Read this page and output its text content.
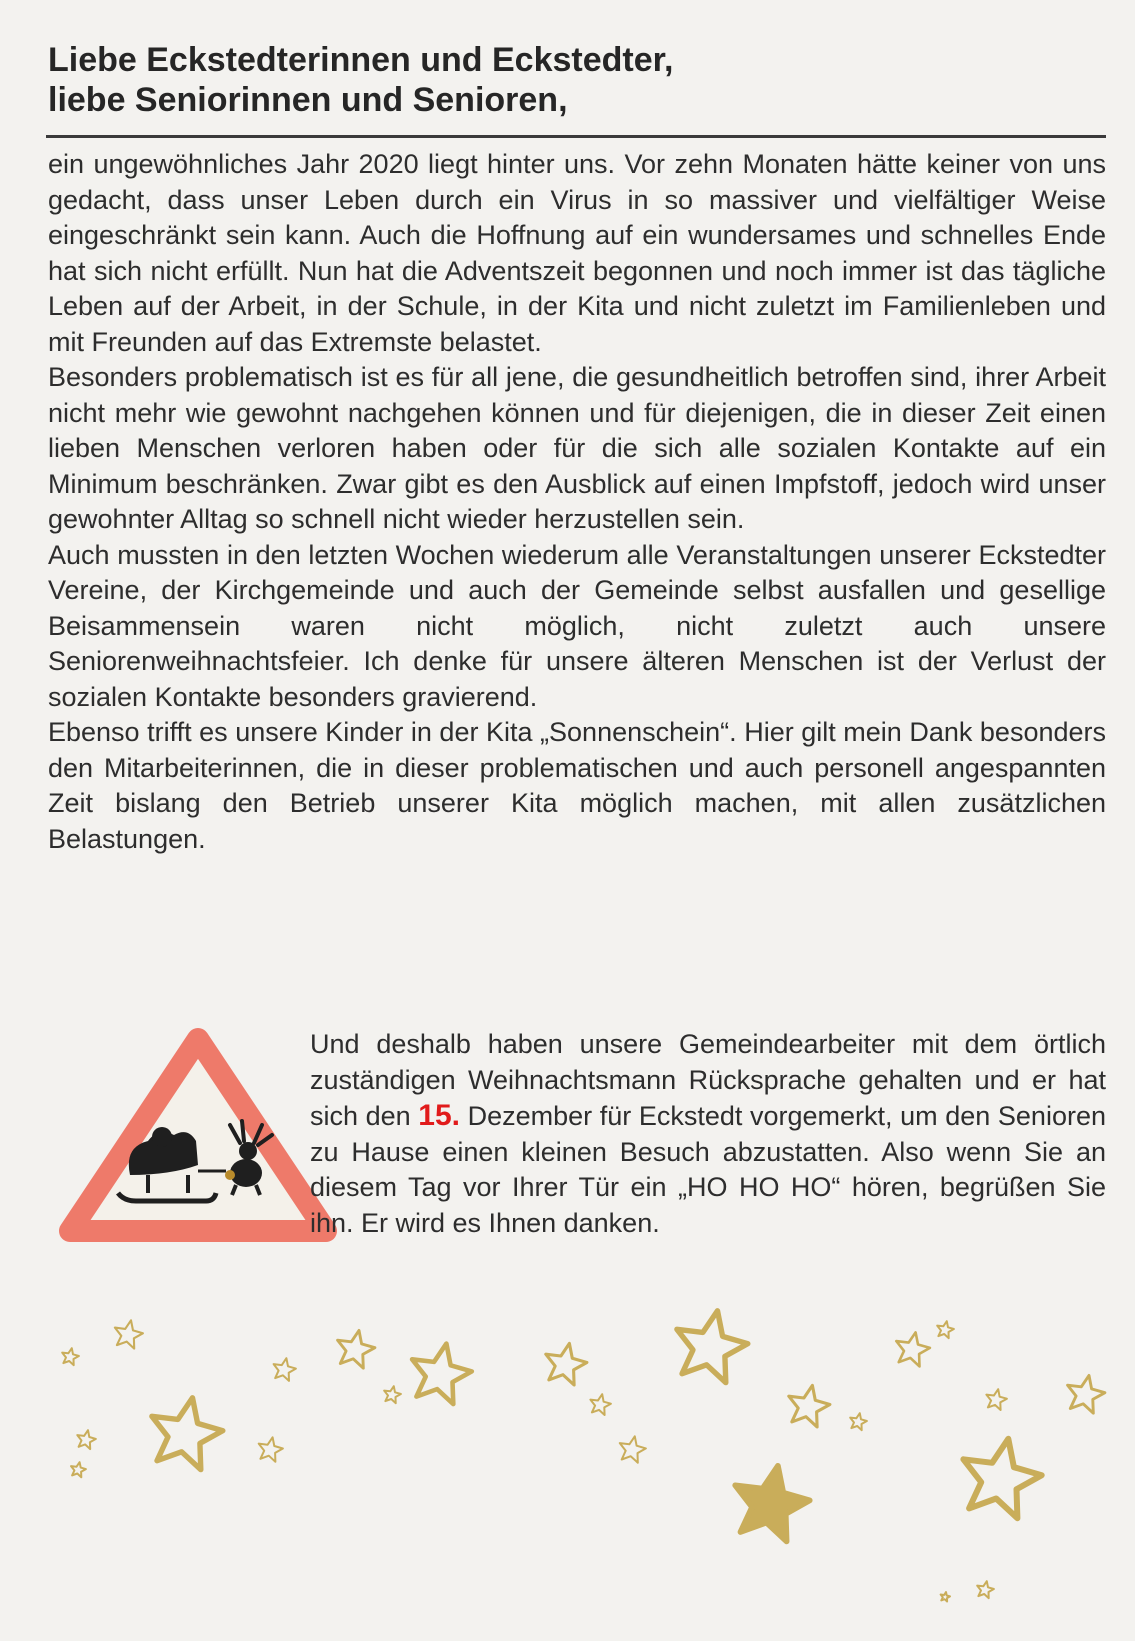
Liebe Eckstedterinnen und Eckstedter,
liebe Seniorinnen und Senioren,

ein ungewöhnliches Jahr 2020 liegt hinter uns. Vor zehn Monaten hätte keiner von uns gedacht, dass unser Leben durch ein Virus in so massiver und vielfältiger Weise eingeschränkt sein kann. Auch die Hoffnung auf ein wundersames und schnelles Ende hat sich nicht erfüllt. Nun hat die Adventszeit begonnen und noch immer ist das tägliche Leben auf der Arbeit, in der Schule, in der Kita und nicht zuletzt im Familienleben und mit Freunden auf das Extremste belastet.

Besonders problematisch ist es für all jene, die gesundheitlich betroffen sind, ihrer Arbeit nicht mehr wie gewohnt nachgehen können und für diejenigen, die in dieser Zeit einen lieben Menschen verloren haben oder für die sich alle sozialen Kontakte auf ein Minimum beschränken. Zwar gibt es den Ausblick auf einen Impfstoff, jedoch wird unser gewohnter Alltag so schnell nicht wieder herzustellen sein.

Auch mussten in den letzten Wochen wiederum alle Veranstaltungen unserer Eckstedter Vereine, der Kirchgemeinde und auch der Gemeinde selbst ausfallen und gesellige Beisammensein waren nicht möglich, nicht zuletzt auch unsere Seniorenweihnachtsfeier. Ich denke für unsere älteren Menschen ist der Verlust der sozialen Kontakte besonders gravierend.

Ebenso trifft es unsere Kinder in der Kita „Sonnenschein“. Hier gilt mein Dank besonders den Mitarbeiterinnen, die in dieser problematischen und auch personell angespannten Zeit bislang den Betrieb unserer Kita möglich machen, mit allen zusätzlichen Belastungen.

Und deshalb haben unsere Gemeindearbeiter mit dem örtlich zuständigen Weihnachtsmann Rücksprache gehalten und er hat sich den 15. Dezember für Eckstedt vorgemerkt, um den Senioren zu Hause einen kleinen Besuch abzustatten. Also wenn Sie an diesem Tag vor Ihrer Tür ein „HO HO HO“ hören, begrüßen Sie ihn. Er wird es Ihnen danken.
